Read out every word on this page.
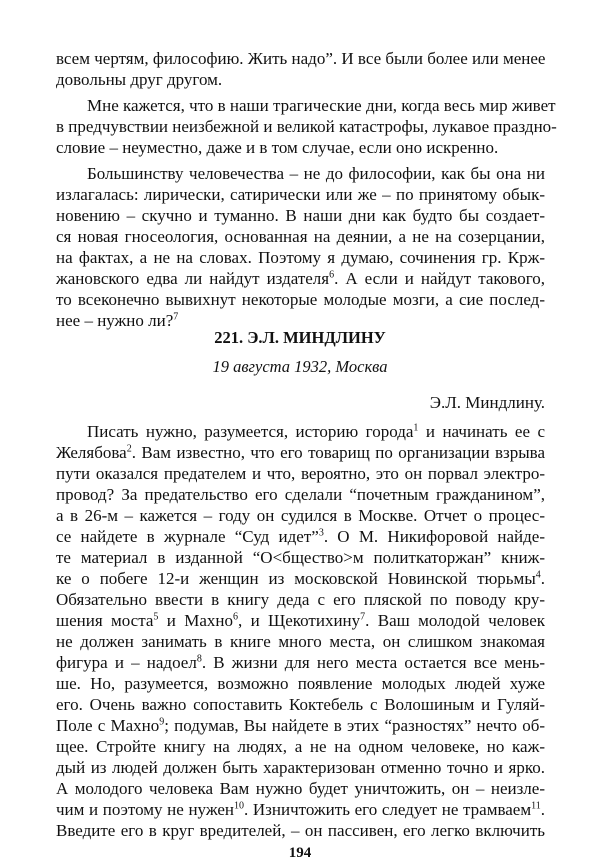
всем чертям, философию. Жить надо”. И все были более или менее
довольны друг другом.
Мне кажется, что в наши трагические дни, когда весь мир живет
в предчувствии неизбежной и великой катастрофы, лукавое праздно-
словие – неуместно, даже и в том случае, если оно искренно.
Большинству человечества – не до философии, как бы она ни
излагалась: лирически, сатирически или же – по принятому обык-
новению – скучно и туманно. В наши дни как будто бы создает-
ся новая гносеология, основанная на деянии, а не на созерцании,
на фактах, а не на словах. Поэтому я думаю, сочинения гр. Крж-
жановского едва ли найдут издателя$^6$. А если и найдут такового,
то всеконечно вывихнут некоторые молодые мозги, а сие послед-
нее – нужно ли?$^7$
221. Э.Л. МИНДЛИНУ
19 августа 1932, Москва
Э.Л. Миндлину.
Писать нужно, разумеется, историю города$^1$ и начинать ее с
Желябова$^2$. Вам известно, что его товарищ по организации взрыва
пути оказался предателем и что, вероятно, это он порвал электро-
провод? За предательство его сделали “почетным гражданином”,
а в 26-м – кажется – году он судился в Москве. Отчет о процес-
се найдете в журнале “Суд идет”$^3$. О М. Никифоровой найде-
те материал в изданной “О<бщество>м политкаторжан” книж-
ке о побеге 12-и женщин из московской Новинской тюрьмы$^4$.
Обязательно ввести в книгу деда с его пляской по поводу кру-
шения моста$^5$ и Махно$^6$, и Щекотихину$^7$. Ваш молодой человек
не должен занимать в книге много места, он слишком знакомая
фигура и – надоел$^8$. В жизни для него места остается все мень-
ше. Но, разумеется, возможно появление молодых людей хуже
его. Очень важно сопоставить Коктебель с Волошиным и Гуляй-
Поле с Махно$^9$; подумав, Вы найдете в этих “разностях” нечто об-
щее. Стройте книгу на людях, а не на одном человеке, но каж-
дый из людей должен быть характеризован отменно точно и ярко.
А молодого человека Вам нужно будет уничтожить, он – неизле-
чим и поэтому не нужен$^{10}$. Изничтожить его следует не трамваем$^{11}$.
Введите его в круг вредителей, – он пассивен, его легко включить
194
